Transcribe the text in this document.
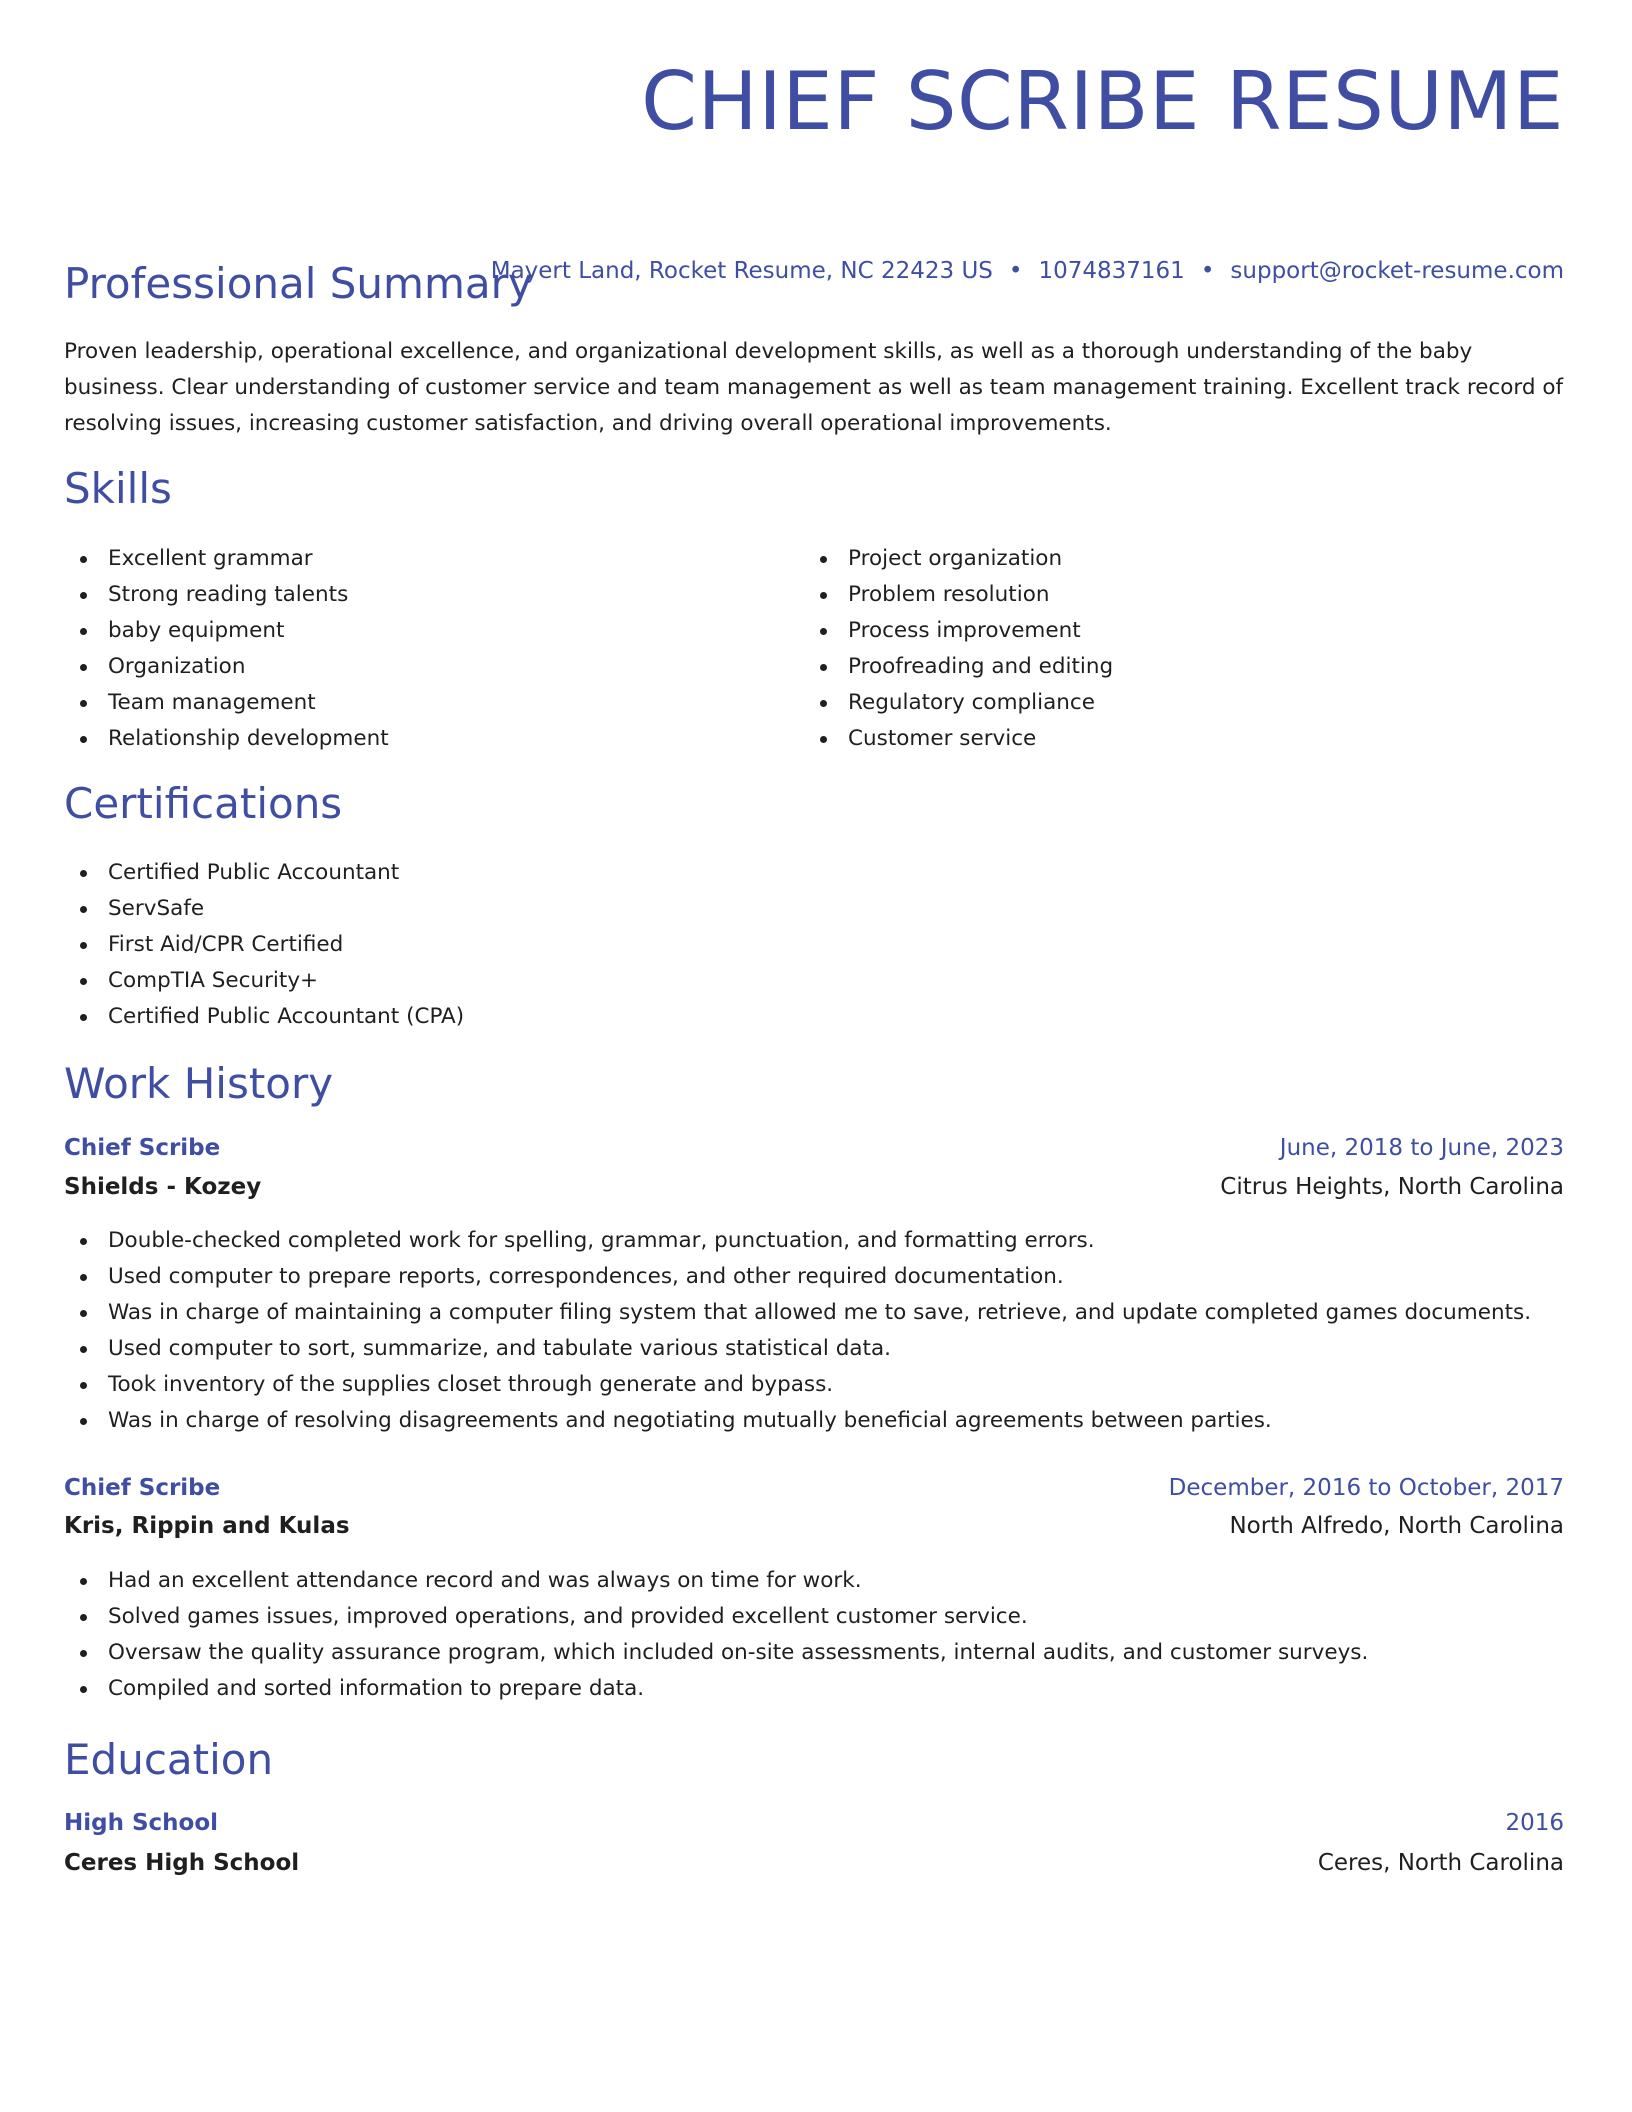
CHIEF SCRIBE RESUME
Mayert Land, Rocket Resume, NC 22423 US • 1074837161 • support@rocket-resume.com
Professional Summary

Proven leadership, operational excellence, and organizational development skills, as well as a thorough understanding of the baby business. Clear understanding of customer service and team management as well as team management training. Excellent track record of resolving issues, increasing customer satisfaction, and driving overall operational improvements.

Skills
Excellent grammar
Strong reading talents
baby equipment
Organization
Team management
Relationship development
Project organization
Problem resolution
Process improvement
Proofreading and editing
Regulatory compliance
Customer service
Certifications
Certified Public Accountant
ServSafe
First Aid/CPR Certified
CompTIA Security+
Certified Public Accountant (CPA)
Work History
Chief Scribe	June, 2018 to June, 2023
Shields - Kozey	Citrus Heights, North Carolina
Double-checked completed work for spelling, grammar, punctuation, and formatting errors.
Used computer to prepare reports, correspondences, and other required documentation.
Was in charge of maintaining a computer filing system that allowed me to save, retrieve, and update completed games documents.
Used computer to sort, summarize, and tabulate various statistical data.
Took inventory of the supplies closet through generate and bypass.
Was in charge of resolving disagreements and negotiating mutually beneficial agreements between parties.
Chief Scribe	December, 2016 to October, 2017
Kris, Rippin and Kulas	North Alfredo, North Carolina
Had an excellent attendance record and was always on time for work.
Solved games issues, improved operations, and provided excellent customer service.
Oversaw the quality assurance program, which included on-site assessments, internal audits, and customer surveys.
Compiled and sorted information to prepare data.
Education
High School	2016
Ceres High School	Ceres, North Carolina
